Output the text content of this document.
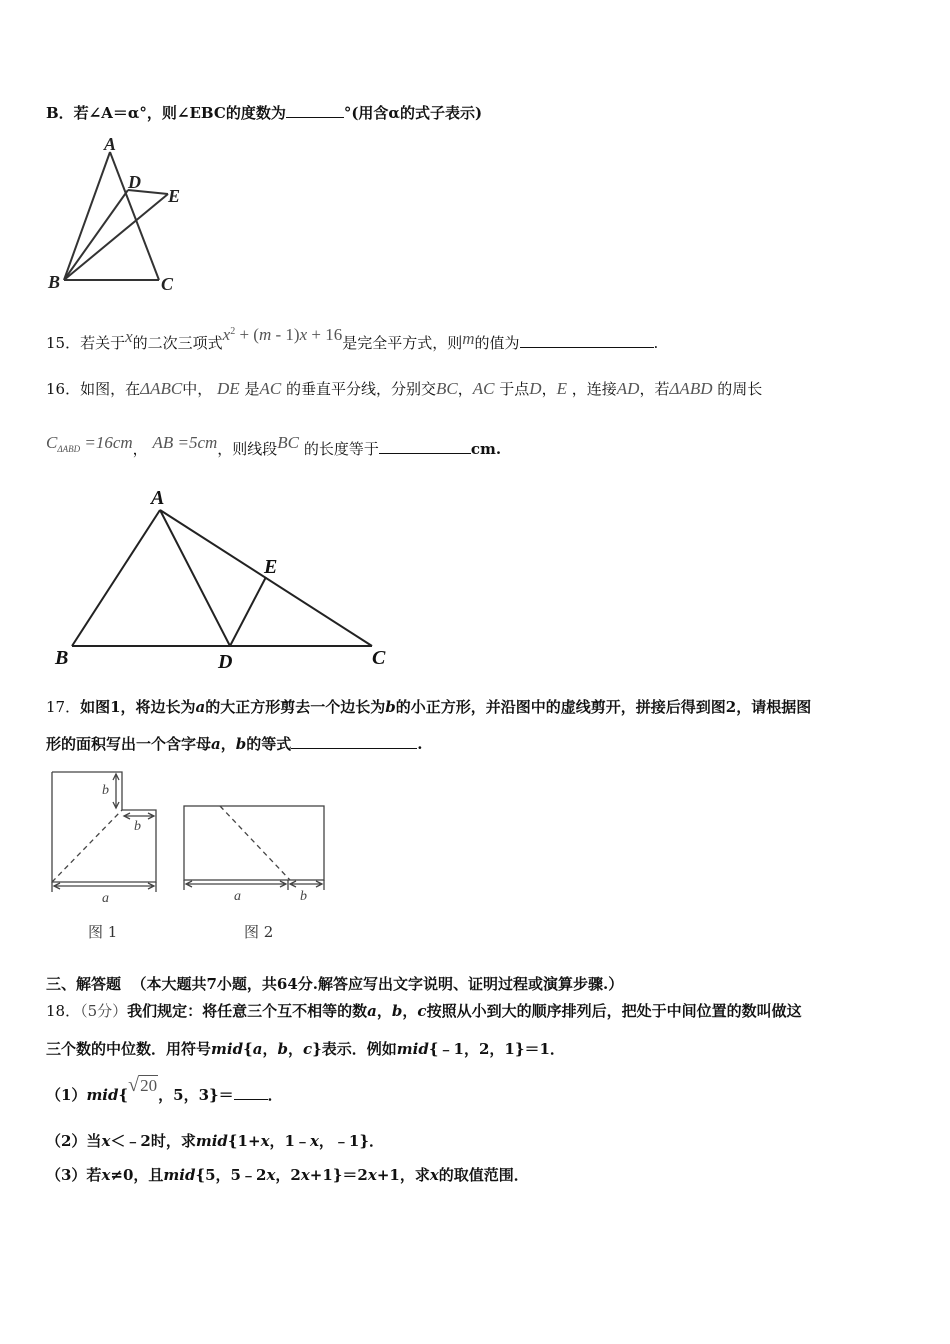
B．若∠A＝α°，则∠EBC的度数为	°(用含α的式子表示)
A
B	C
D
E
15．若关于x的二次三项式$x^2 + (m - 1)x + 16$是完全平方式，则m的值为	.
16．如图，在ΔABC中， DE 是AC 的垂直平分线，分别交BC，AC 于点D，E ，连接AD，若ΔABD 的周长
$C_{\Delta ABD} =16cm$， AB =5cm，则线段BC 的长度等于	cm.
A
B	C
D
E
17．如图1，将边长为a的大正方形剪去一个边长为b的小正方形，并沿图中的虚线剪开，拼接后得到图2，请根据图
形的面积写出一个含字母a，b的等式	.
b
b
a	a	b
图 1	图 2
三、解答题 （本大题共7小题，共64分.解答应写出文字说明、证明过程或演算步骤.）
18．（5分）我们规定：将任意三个互不相等的数a，b，c按照从小到大的顺序排列后，把处于中间位置的数叫做这
三个数的中位数．用符号mid{a，b，c}表示．例如mid{﹣1，2，1}＝1．
（1）mid{√20，5，3}＝ ．
（2）当x＜﹣2时，求mid{1+x，1﹣x，﹣1}．
（3）若x≠0，且mid{5，5﹣2x，2x+1}＝2x+1，求x的取值范围．
